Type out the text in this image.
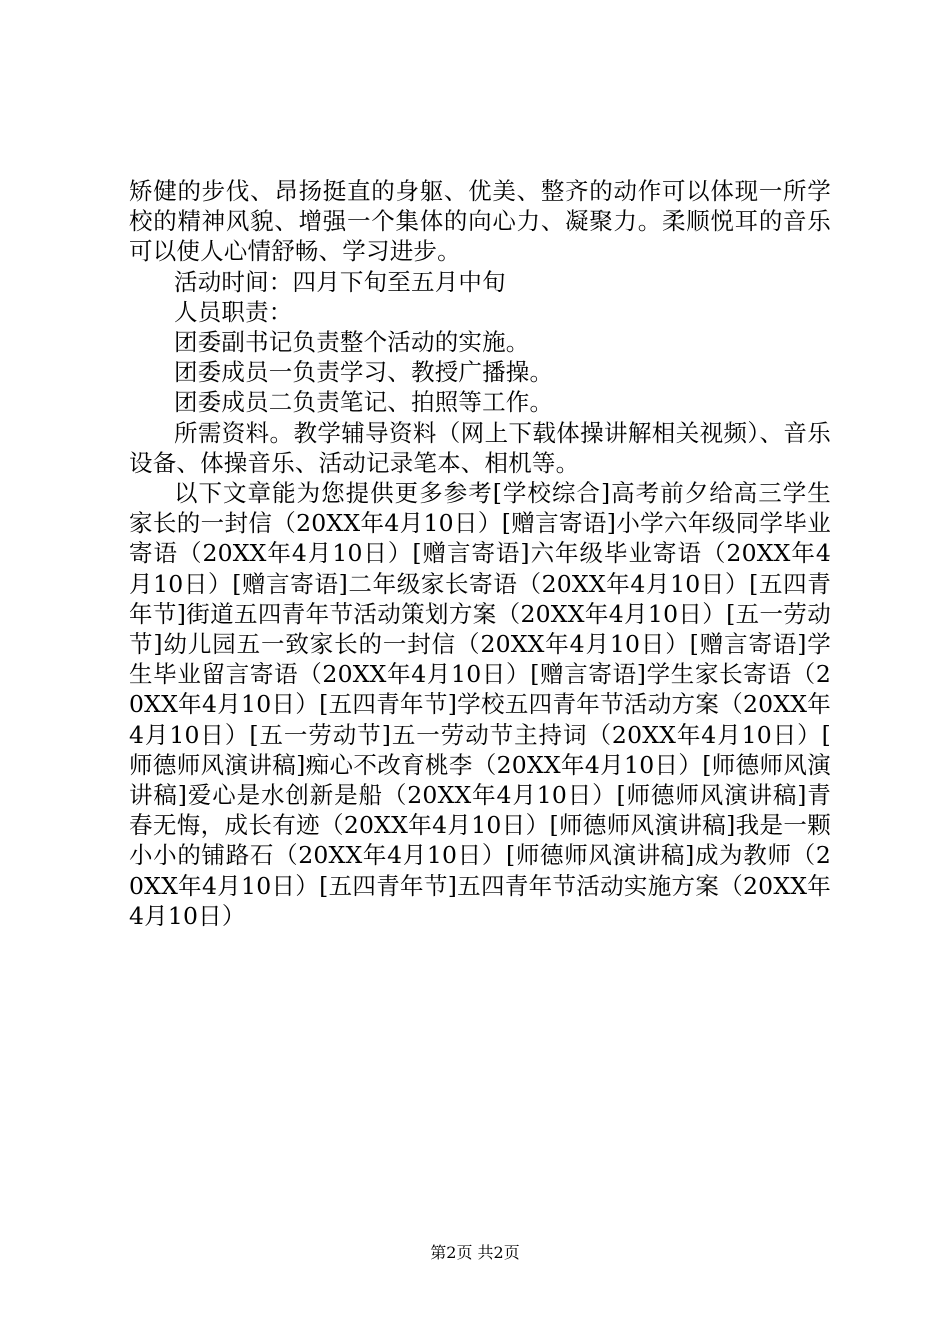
矫健的步伐、昂扬挺直的身躯、优美、整齐的动作可以体现一所学校的精神风貌、增强一个集体的向心力、凝聚力。柔顺悦耳的音乐可以使人心情舒畅、学习进步。

活动时间：四月下旬至五月中旬

人员职责：

团委副书记负责整个活动的实施。

团委成员一负责学习、教授广播操。

团委成员二负责笔记、拍照等工作。

所需资料。教学辅导资料（网上下载体操讲解相关视频）、音乐设备、体操音乐、活动记录笔本、相机等。

以下文章能为您提供更多参考[学校综合]高考前夕给高三学生家长的一封信（20XX年4月10日）[赠言寄语]小学六年级同学毕业寄语（20XX年4月10日）[赠言寄语]六年级毕业寄语（20XX年4月10日）[赠言寄语]二年级家长寄语（20XX年4月10日）[五四青年节]街道五四青年节活动策划方案（20XX年4月10日）[五一劳动节]幼儿园五一致家长的一封信（20XX年4月10日）[赠言寄语]学生毕业留言寄语（20XX年4月10日）[赠言寄语]学生家长寄语（20XX年4月10日）[五四青年节]学校五四青年节活动方案（20XX年4月10日）[五一劳动节]五一劳动节主持词（20XX年4月10日）[师德师风演讲稿]痴心不改育桃李（20XX年4月10日）[师德师风演讲稿]爱心是水创新是船（20XX年4月10日）[师德师风演讲稿]青春无悔，成长有迹（20XX年4月10日）[师德师风演讲稿]我是一颗小小的铺路石（20XX年4月10日）[师德师风演讲稿]成为教师（20XX年4月10日）[五四青年节]五四青年节活动实施方案（20XX年4月10日）

第2页 共2页
